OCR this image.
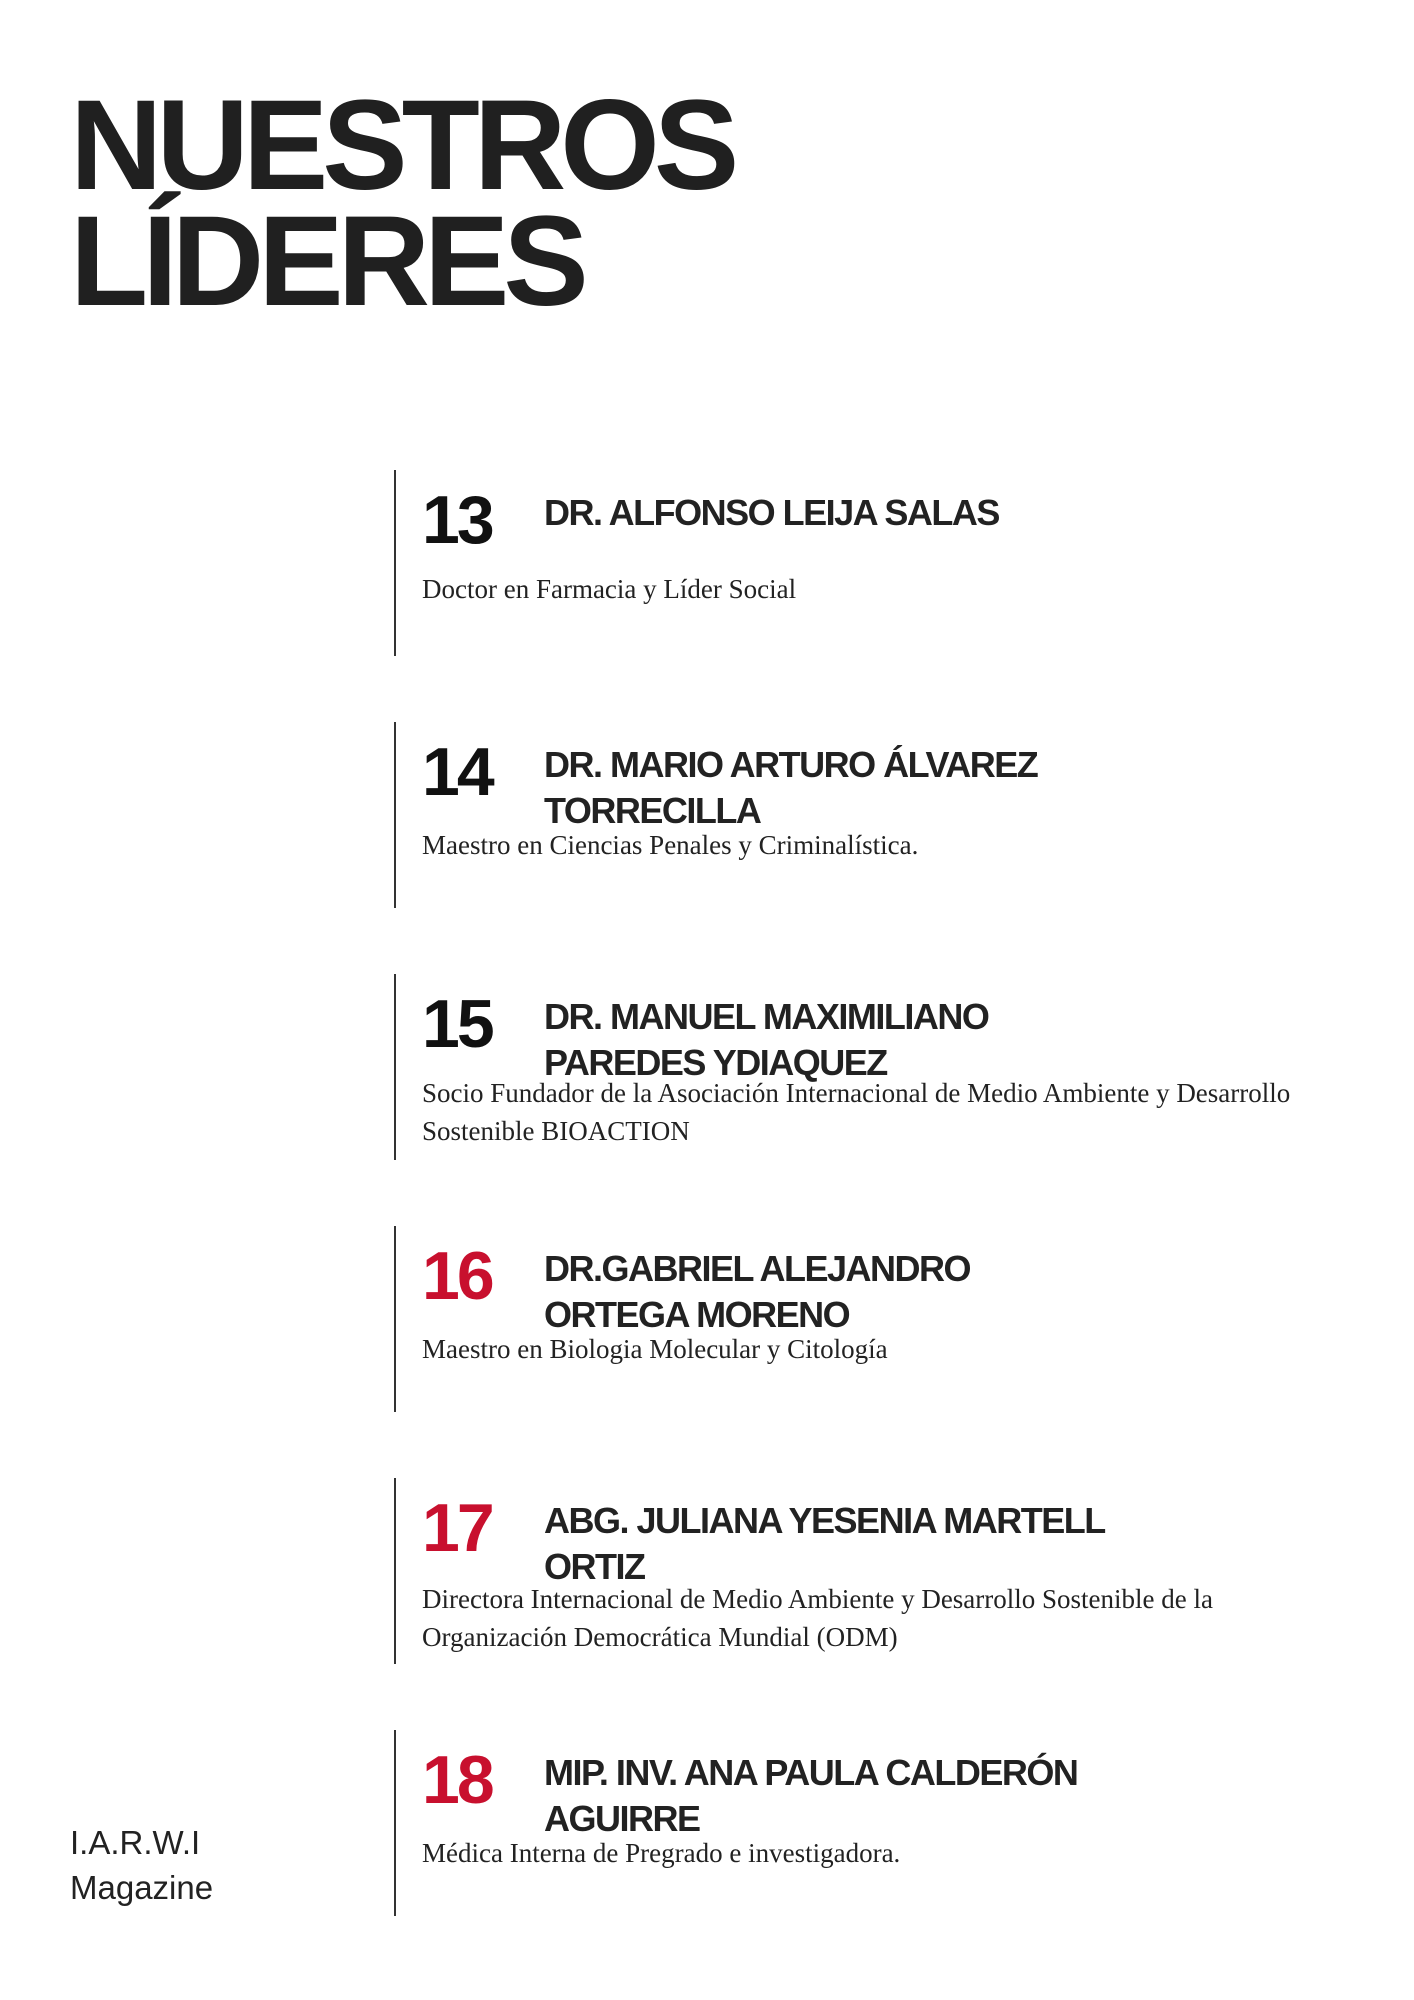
NUESTROS
LÍDERES
13 DR. ALFONSO LEIJA SALAS
Doctor en Farmacia y Líder Social
14 DR. MARIO ARTURO ÁLVAREZ TORRECILLA
Maestro en Ciencias Penales y Criminalística.
15 DR. MANUEL MAXIMILIANO PAREDES YDIAQUEZ
Socio Fundador de la Asociación Internacional de Medio Ambiente y Desarrollo Sostenible BIOACTION
16 DR.GABRIEL ALEJANDRO ORTEGA MORENO
Maestro en Biologia Molecular y Citología
17 ABG. JULIANA YESENIA MARTELL ORTIZ
Directora Internacional de Medio Ambiente y Desarrollo Sostenible de la Organización Democrática Mundial (ODM)
18 MIP. INV. ANA PAULA CALDERÓN AGUIRRE
Médica Interna de Pregrado e investigadora.
I.A.R.W.I
Magazine
